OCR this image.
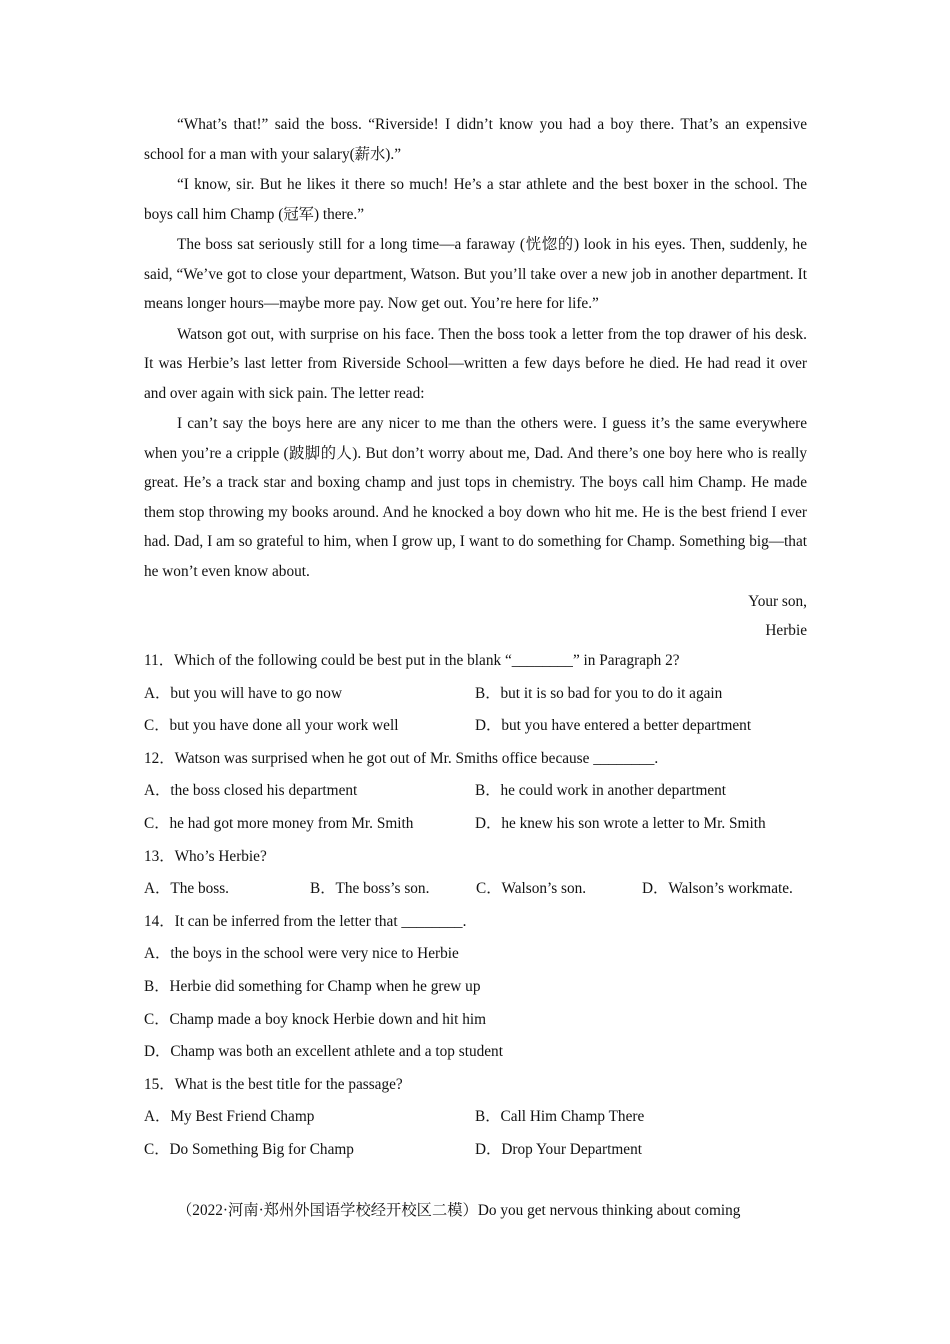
“What’s that!” said the boss. “Riverside! I didn’t know you had a boy there. That’s an expensive school for a man with your salary(薪水).”

“I know, sir. But he likes it there so much! He’s a star athlete and the best boxer in the school. The boys call him Champ (冠军) there.”

The boss sat seriously still for a long time—a faraway (恍惚的) look in his eyes. Then, suddenly, he said, “We’ve got to close your department, Watson. But you’ll take over a new job in another department. It means longer hours—maybe more pay. Now get out. You’re here for life.”

Watson got out, with surprise on his face. Then the boss took a letter from the top drawer of his desk. It was Herbie’s last letter from Riverside School—written a few days before he died. He had read it over and over again with sick pain. The letter read:

I can’t say the boys here are any nicer to me than the others were. I guess it’s the same everywhere when you’re a cripple (跛脚的人). But don’t worry about me, Dad. And there’s one boy here who is really great. He’s a track star and boxing champ and just tops in chemistry. The boys call him Champ. He made them stop throwing my books around. And he knocked a boy down who hit me. He is the best friend I ever had. Dad, I am so grateful to him, when I grow up, I want to do something for Champ. Something big—that he won’t even know about.

Your son,

Herbie

11．Which of the following could be best put in the blank “________” in Paragraph 2?

A．but you will have to go now	B．but it is so bad for you to do it again
C．but you have done all your work well	D．but you have entered a better department

12．Watson was surprised when he got out of Mr. Smiths office because ________.

A．the boss closed his department	B．he could work in another department
C．he had got more money from Mr. Smith	D．he knew his son wrote a letter to Mr. Smith

13．Who’s Herbie?

A．The boss.	B．The boss’s son.	C．Walson’s son.	D．Walson’s workmate.

14．It can be inferred from the letter that ________.

A．the boys in the school were very nice to Herbie

B．Herbie did something for Champ when he grew up

C．Champ made a boy knock Herbie down and hit him

D．Champ was both an excellent athlete and a top student

15．What is the best title for the passage?

A．My Best Friend Champ	B．Call Him Champ There
C．Do Something Big for Champ	D．Drop Your Department
（2022·河南·郑州外国语学校经开校区二模）Do you get nervous thinking about coming
